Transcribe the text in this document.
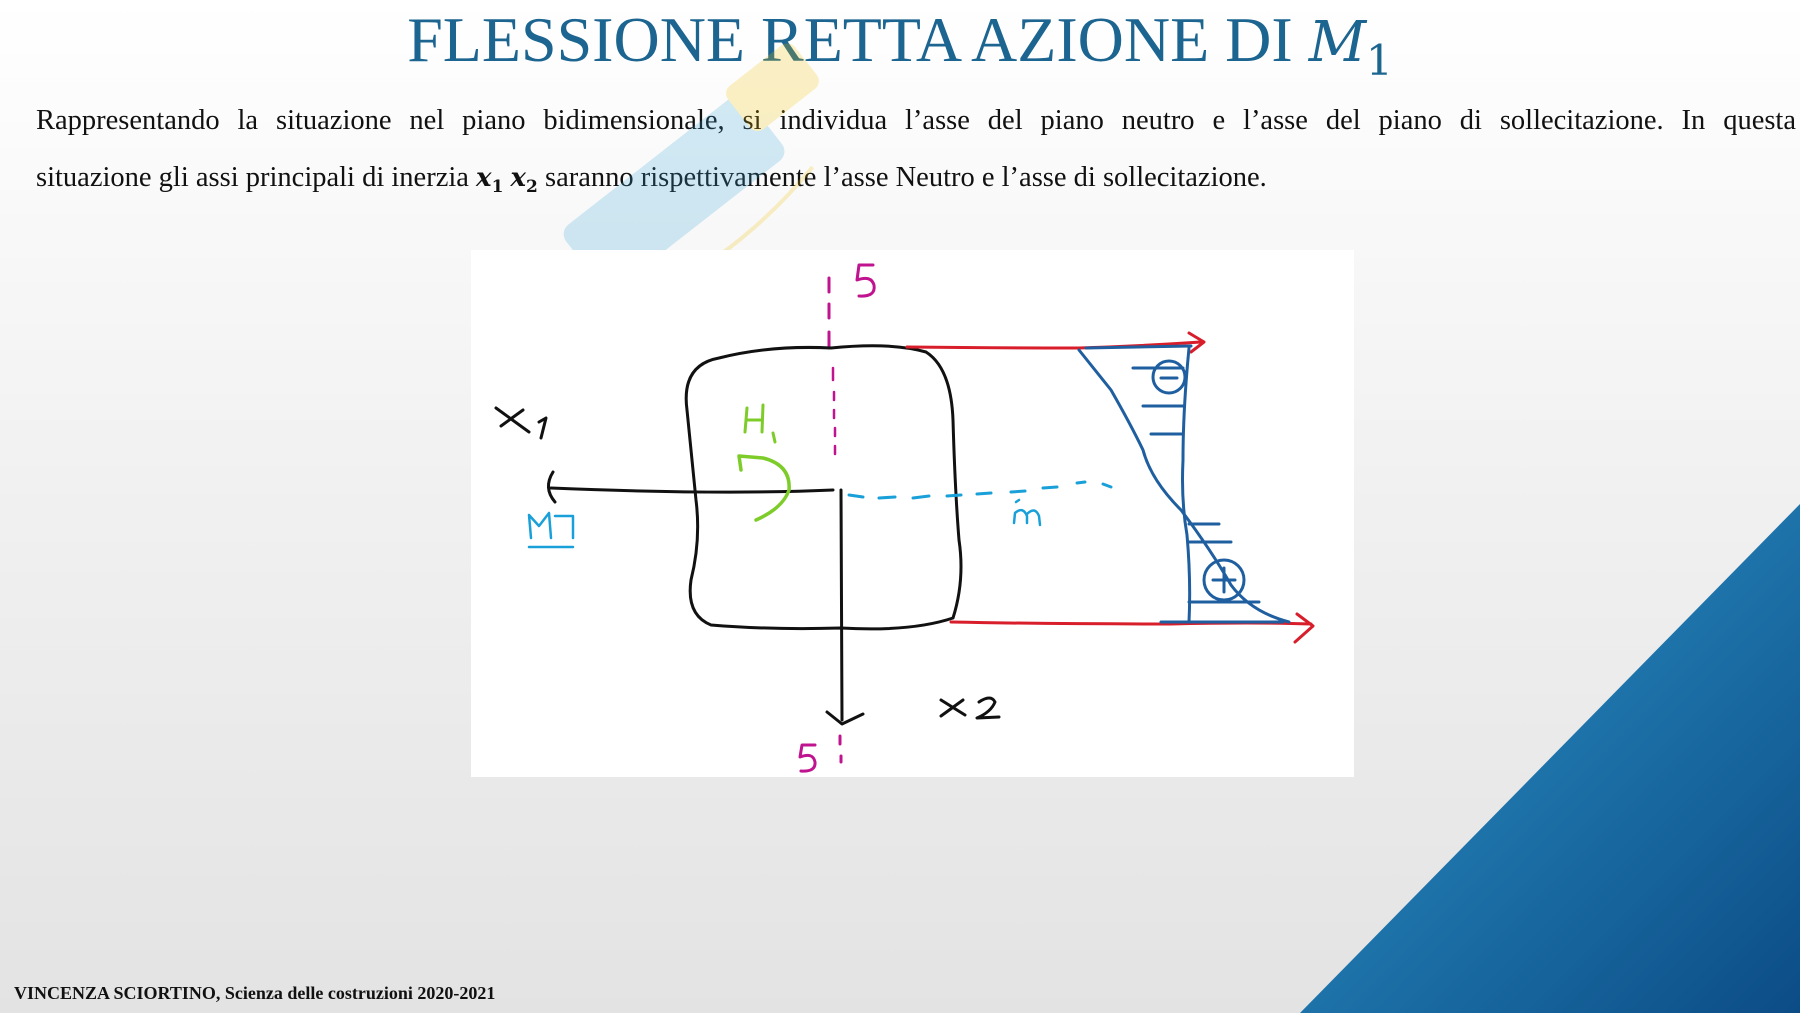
FLESSIONE RETTA AZIONE DI $M_1$
Rappresentando la situazione nel piano bidimensionale, si individua l’asse del piano neutro e l’asse del piano di sollecitazione. In questa
situazione gli assi principali di inerzia $x_1$ $x_2$ saranno rispettivamente l’asse Neutro e l’asse di sollecitazione.
VINCENZA SCIORTINO, Scienza delle costruzioni 2020-2021
